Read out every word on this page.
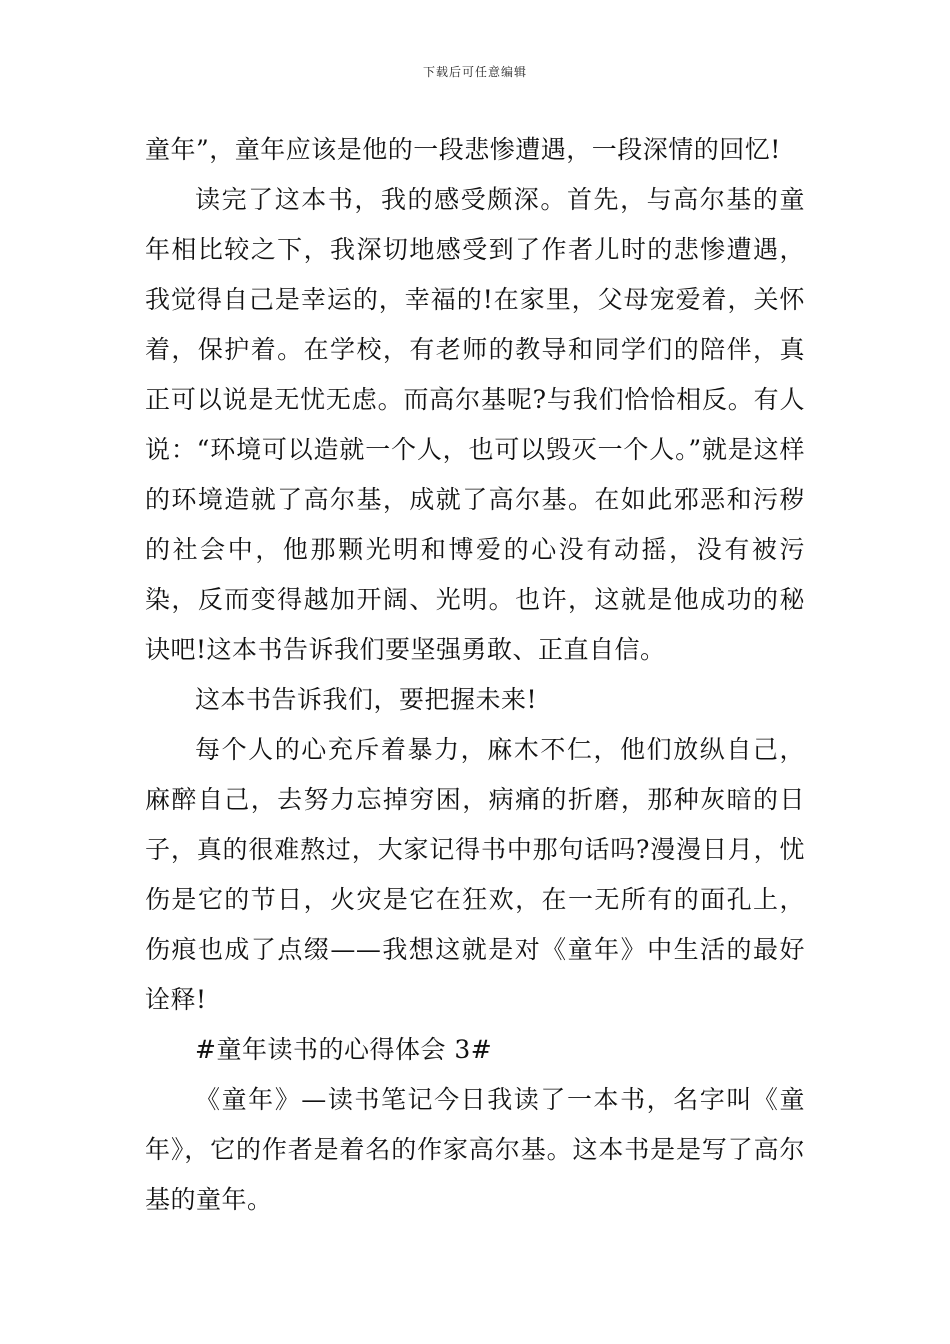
下载后可任意编辑

童年”，童年应该是他的一段悲惨遭遇，一段深情的回忆!

读完了这本书，我的感受颇深。首先，与高尔基的童年相比较之下，我深切地感受到了作者儿时的悲惨遭遇，我觉得自己是幸运的，幸福的!在家里，父母宠爱着，关怀着，保护着。在学校，有老师的教导和同学们的陪伴，真正可以说是无忧无虑。而高尔基呢?与我们恰恰相反。有人说：“环境可以造就一个人，也可以毁灭一个人。”就是这样的环境造就了高尔基，成就了高尔基。在如此邪恶和污秽的社会中，他那颗光明和博爱的心没有动摇，没有被污染，反而变得越加开阔、光明。也许，这就是他成功的秘诀吧!这本书告诉我们要坚强勇敢、正直自信。

这本书告诉我们，要把握未来!

每个人的心充斥着暴力，麻木不仁，他们放纵自己，麻醉自己，去努力忘掉穷困，病痛的折磨，那种灰暗的日子，真的很难熬过，大家记得书中那句话吗?漫漫日月，忧伤是它的节日，火灾是它在狂欢，在一无所有的面孔上，伤痕也成了点缀——我想这就是对《童年》中生活的最好诠释!

#童年读书的心得体会 3#

《童年》—读书笔记今日我读了一本书，名字叫《童年》，它的作者是着名的作家高尔基。这本书是是写了高尔基的童年。
